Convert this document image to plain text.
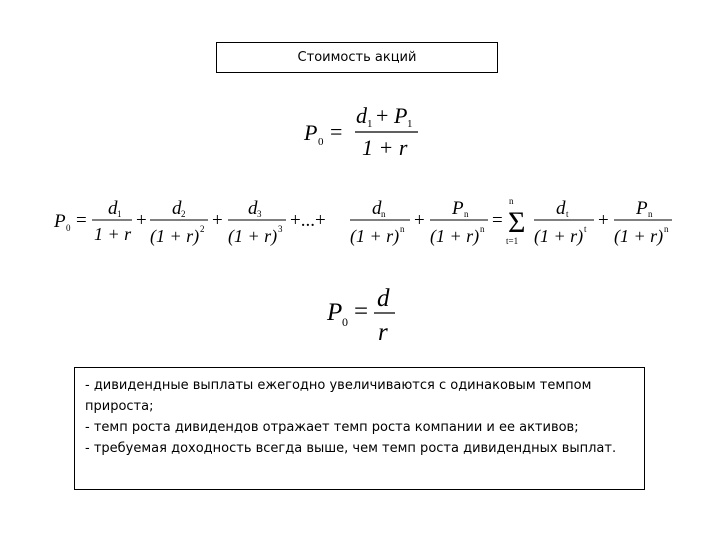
Стоимость акций
P 0 =
d 1 + P 1
1 + r
P 0 =
d 1
1 + r
+
d 2
(1 + r) 2 +
d 3
(1 + r) 3 +...+
d n
(1 + r) n +
P n
(1 + r) n =
n
Σ
t=1
d t
(1 + r) t +
P n
(1 + r) n
P 0 = d
r
- дивидендные выплаты ежегодно увеличиваются с одинаковым темпом прироста;
- темп роста дивидендов отражает темп роста компании и ее активов;
- требуемая доходность всегда выше, чем темп роста дивидендных выплат.
